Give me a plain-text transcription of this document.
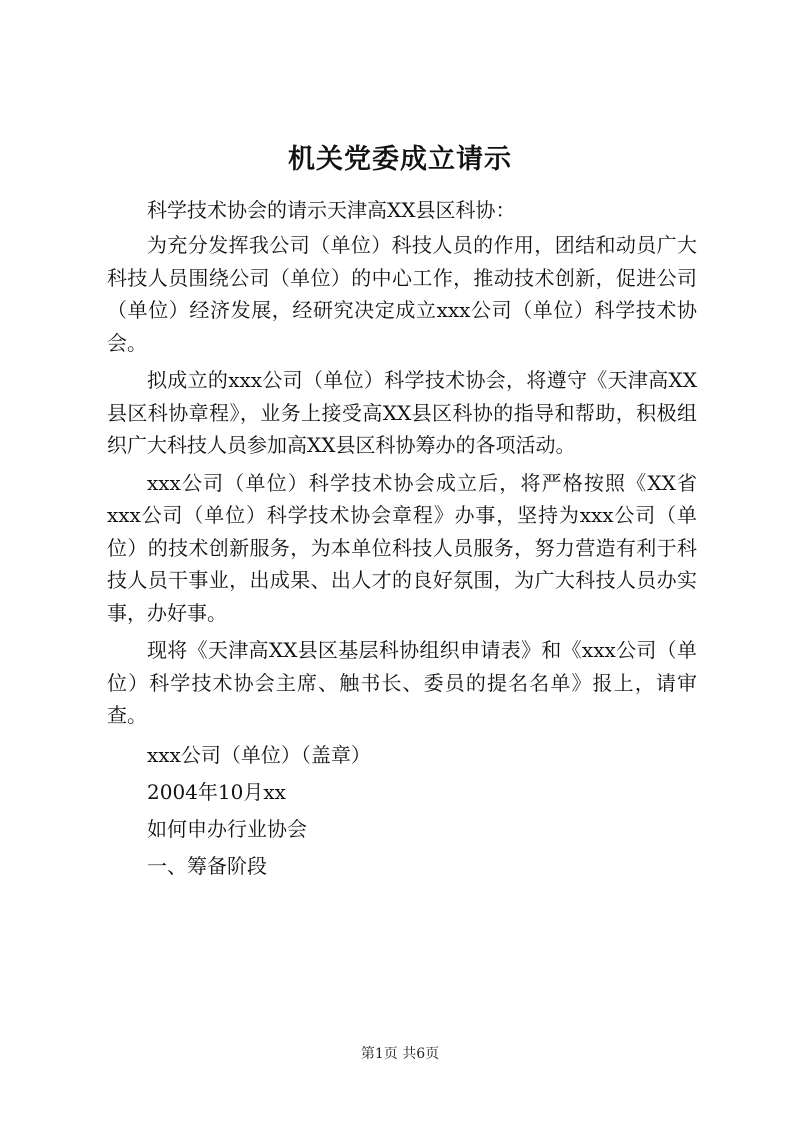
机关党委成立请示

科学技术协会的请示天津高XX县区科协：

为充分发挥我公司（单位）科技人员的作用，团结和动员广大科技人员围绕公司（单位）的中心工作，推动技术创新，促进公司（单位）经济发展，经研究决定成立xxx公司（单位）科学技术协会。

拟成立的xxx公司（单位）科学技术协会，将遵守《天津高XX县区科协章程》，业务上接受高XX县区科协的指导和帮助，积极组织广大科技人员参加高XX县区科协筹办的各项活动。

xxx公司（单位）科学技术协会成立后，将严格按照《XX省xxx公司（单位）科学技术协会章程》办事，坚持为xxx公司（单位）的技术创新服务，为本单位科技人员服务，努力营造有利于科技人员干事业，出成果、出人才的良好氛围，为广大科技人员办实事，办好事。

现将《天津高XX县区基层科协组织申请表》和《xxx公司（单位）科学技术协会主席、触书长、委员的提名名单》报上，请审查。

xxx公司（单位）（盖章）

2004年10月xx

如何申办行业协会

一、筹备阶段

第1页 共6页
